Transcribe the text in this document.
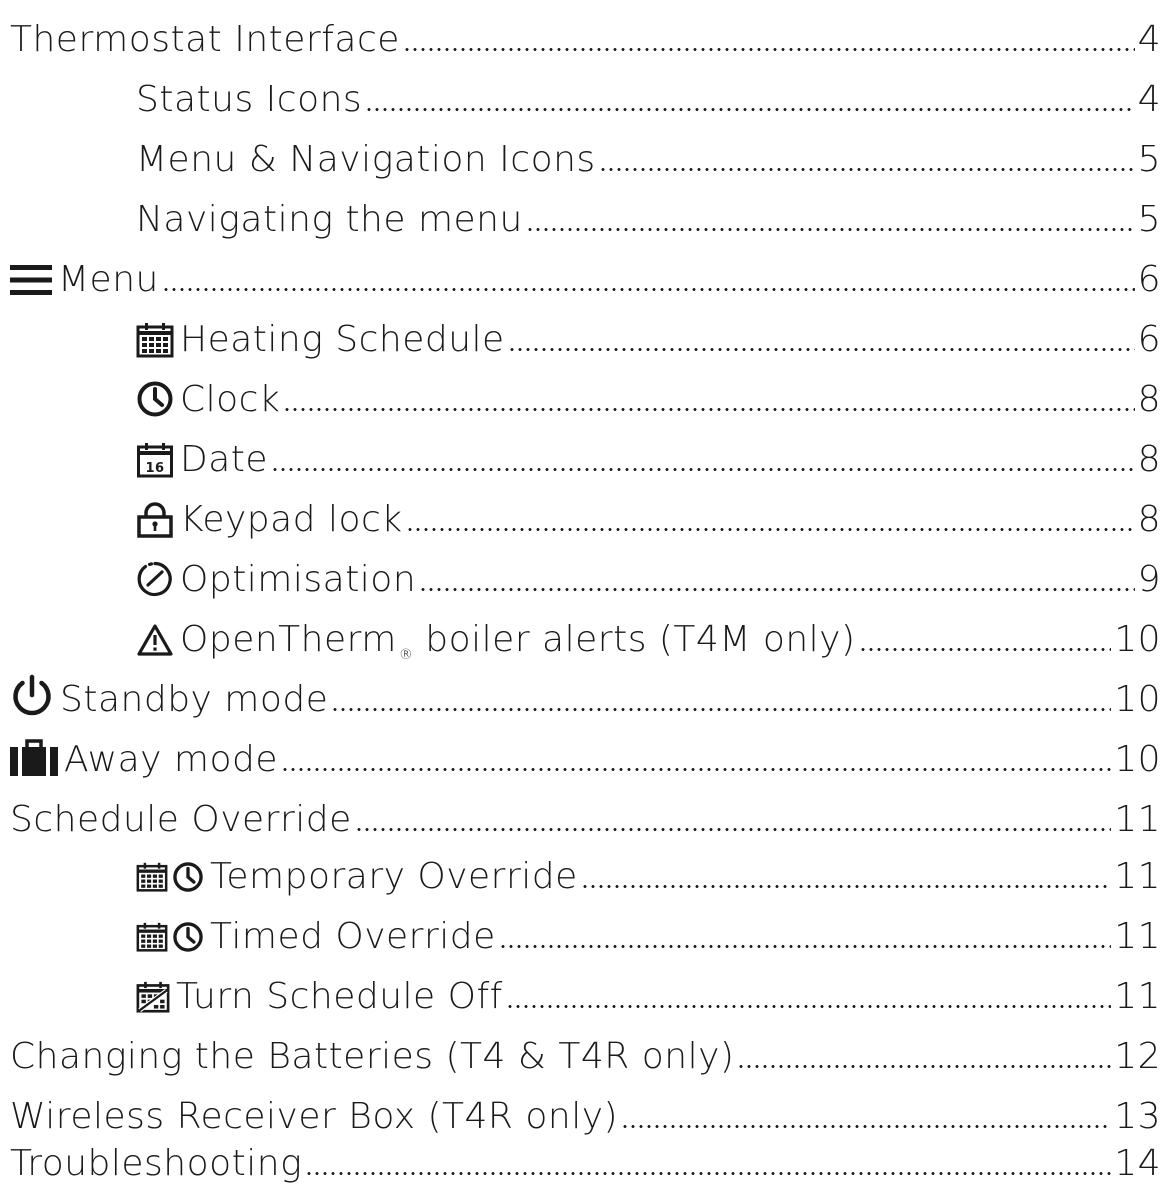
Thermostat Interface	4
Status Icons	4
Menu & Navigation Icons	5
Navigating the menu	5
Menu	6
Heating Schedule	6
Clock	8
16 Date	8
Keypad lock	8
Optimisation	9
OpenTherm ® boiler alerts (T4M only)	10
Standby mode	10
Away mode	10
Schedule Override	11
Temporary Override	11
Timed Override	11
Turn Schedule Off	11
Changing the Batteries (T4 & T4R only)	12
Wireless Receiver Box (T4R only)	13
Troubleshooting	14
